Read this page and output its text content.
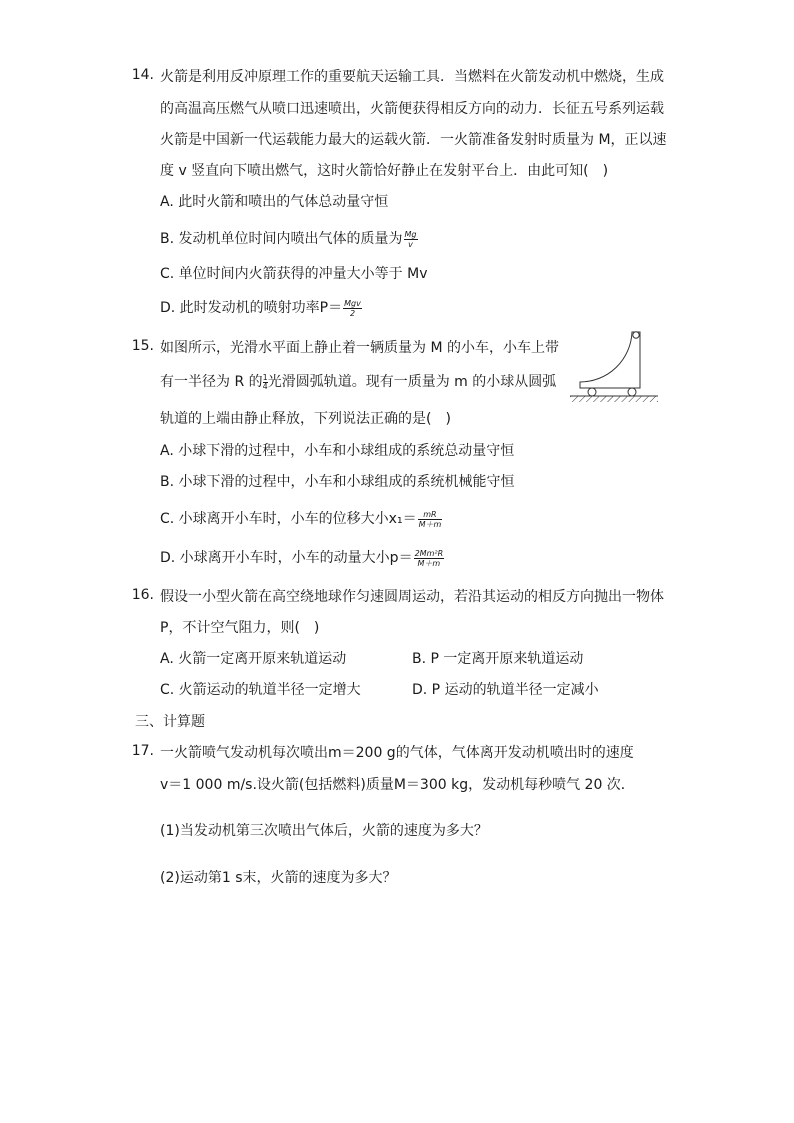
14. 火箭是利用反冲原理工作的重要航天运输工具．当燃料在火箭发动机中燃烧，生成
的高温高压燃气从喷口迅速喷出，火箭便获得相反方向的动力．长征五号系列运载
火箭是中国新一代运载能力最大的运载火箭．一火箭准备发射时质量为 M，正以速
度 v 竖直向下喷出燃气，这时火箭恰好静止在发射平台上．由此可知(　)
A. 此时火箭和喷出的气体总动量守恒
B. 发动机单位时间内喷出气体的质量为 $\frac{Mg}{v}$
C. 单位时间内火箭获得的冲量大小等于 Mv
D. 此时发动机的喷射功率$P= \frac{\text{Mgv}}{2}$
15. 如图所示，光滑水平面上静止着一辆质量为 M 的小车，小车上带
有一半径为 R 的 $\frac{1}{4}$ 光滑圆弧轨道。现有一质量为 m 的小球从圆弧
轨道的上端由静止释放，下列说法正确的是(　)
A. 小球下滑的过程中，小车和小球组成的系统总动量守恒
B. 小球下滑的过程中，小车和小球组成的系统机械能守恒
C. 小球离开小车时，小车的位移大小$x_1= \frac{mR}{M+m}$
D. 小球离开小车时，小车的动量大小$p= \frac{\text{2Mm²R}}{M+m}$
16. 假设一小型火箭在高空绕地球作匀速圆周运动，若沿其运动的相反方向抛出一物体
P，不计空气阻力，则(　)
A. 火箭一定离开原来轨道运动	B. P 一定离开原来轨道运动
C. 火箭运动的轨道半径一定增大	D. P 运动的轨道半径一定减小
三、计算题
17. 一火箭喷气发动机每次喷出m＝200 g的气体，气体离开发动机喷出时的速度
v＝1 000 m/s.设火箭(包括燃料)质量M＝300 kg，发动机每秒喷气 20 次．
(1)当发动机第三次喷出气体后，火箭的速度为多大？
(2)运动第1 s末，火箭的速度为多大？
